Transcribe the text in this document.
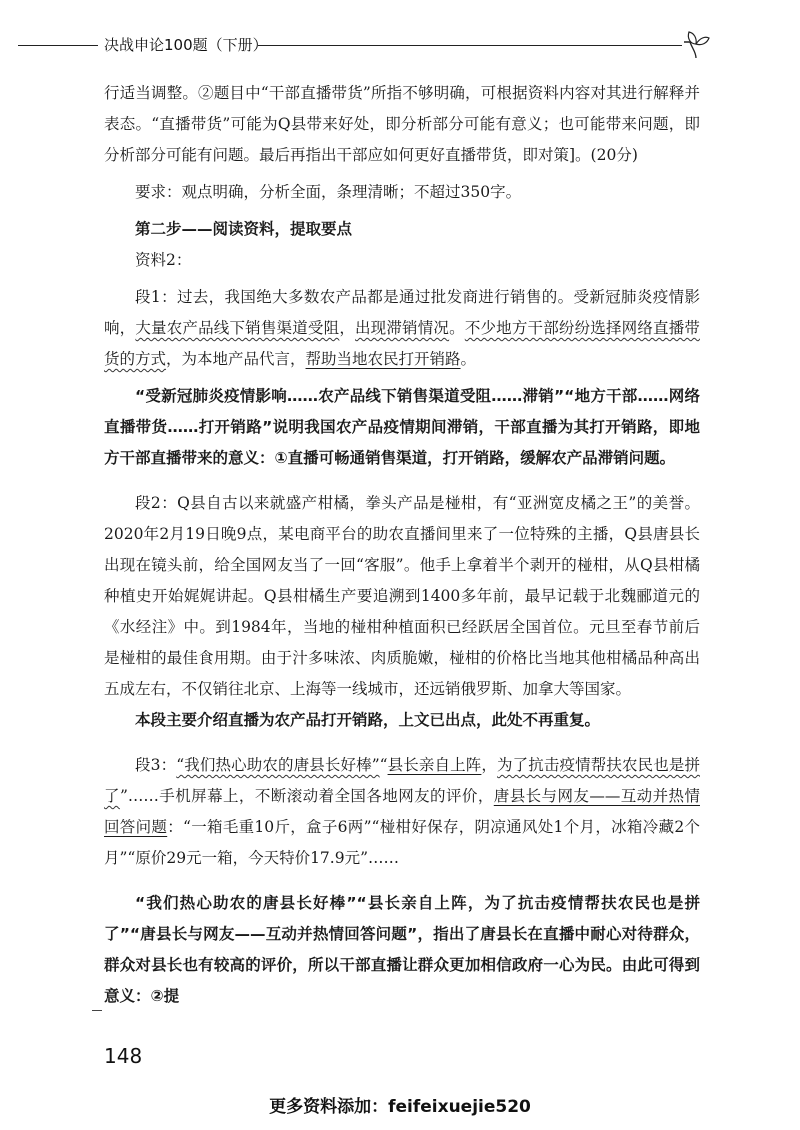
决战申论100题（下册）

行适当调整。②题目中“干部直播带货”所指不够明确，可根据资料内容对其进行解释并表态。“直播带货”可能为Q县带来好处，即分析部分可能有意义；也可能带来问题，即分析部分可能有问题。最后再指出干部应如何更好直播带货，即对策]。(20分)

要求：观点明确，分析全面，条理清晰；不超过350字。

第二步——阅读资料，提取要点

资料2：

段1：过去，我国绝大多数农产品都是通过批发商进行销售的。受新冠肺炎疫情影响，大量农产品线下销售渠道受阻，出现滞销情况。不少地方干部纷纷选择网络直播带货的方式，为本地产品代言，帮助当地农民打开销路。

“受新冠肺炎疫情影响……农产品线下销售渠道受阻……滞销”“地方干部……网络直播带货……打开销路”说明我国农产品疫情期间滞销，干部直播为其打开销路，即地方干部直播带来的意义：①直播可畅通销售渠道，打开销路，缓解农产品滞销问题。

段2：Q县自古以来就盛产柑橘，拳头产品是椪柑，有“亚洲宽皮橘之王”的美誉。2020年2月19日晚9点，某电商平台的助农直播间里来了一位特殊的主播，Q县唐县长出现在镜头前，给全国网友当了一回“客服”。他手上拿着半个剥开的椪柑，从Q县柑橘种植史开始娓娓讲起。Q县柑橘生产要追溯到1400多年前，最早记载于北魏郦道元的《水经注》中。到1984年，当地的椪柑种植面积已经跃居全国首位。元旦至春节前后是椪柑的最佳食用期。由于汁多味浓、肉质脆嫩，椪柑的价格比当地其他柑橘品种高出五成左右，不仅销往北京、上海等一线城市，还远销俄罗斯、加拿大等国家。

本段主要介绍直播为农产品打开销路，上文已出点，此处不再重复。

段3：“我们热心助农的唐县长好棒”“县长亲自上阵，为了抗击疫情帮扶农民也是拼了”……手机屏幕上，不断滚动着全国各地网友的评价，唐县长与网友——互动并热情回答问题：“一箱毛重10斤，盒子6两”“椪柑好保存，阴凉通风处1个月，冰箱冷藏2个月”“原价29元一箱，今天特价17.9元”……

“我们热心助农的唐县长好棒”“县长亲自上阵，为了抗击疫情帮扶农民也是拼了”“唐县长与网友——互动并热情回答问题”，指出了唐县长在直播中耐心对待群众，群众对县长也有较高的评价，所以干部直播让群众更加相信政府一心为民。由此可得到意义：②提

148
更多资料添加：feifeixuejie520
